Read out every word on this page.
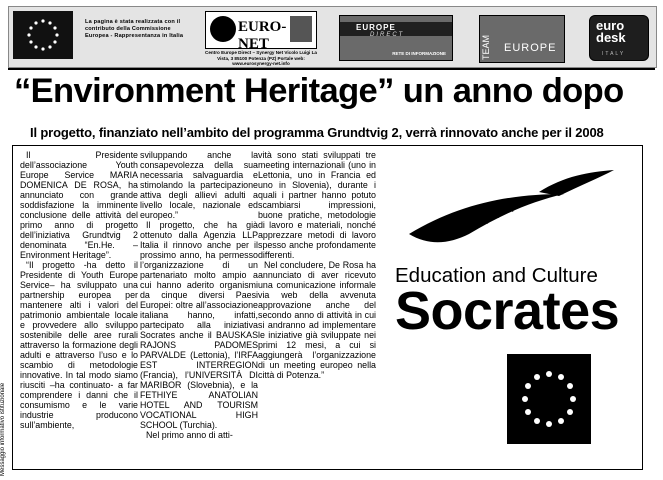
La pagina è stata realizzata con il contributo della Commissione Europea - Rappresentanza in Italia
EURO-NET
Centro Europe Direct – Synergy Net Vicolo Luigi La Vista, 3 85100 Potenza (PZ) Portale web: www.eurosynergy-net.info
EUROPE
DIRECT
RETE DI INFORMAZIONE	TEAM EUROPE
euro desk
ITALY
“Environment Heritage” un anno dopo
Il progetto, finanziato nell’ambito del programma Grundtvig 2, verrà rinnovato anche per il 2008
Messaggio informativo istituzionale

Il Presidente dell’associazione Youth Europe Service MARIA DOMENICA DE ROSA, ha annunciato con grande soddisfazione la imminente conclusione delle attività del primo anno di progetto dell’iniziativa Grundtvig 2 denominata “En.He. – Environment Heritage”.

“Il progetto -ha detto il Presidente di Youth Europe Service– ha sviluppato una partnership europea per mantenere alti i valori del patrimonio ambientale locale e provvedere allo sviluppo sostenibile delle aree rurali attraverso la formazione degli adulti e attraverso l’uso e lo scambio di metodologie innovative. In tal modo siamo riusciti –ha continuato- a far comprendere i danni che il consumismo e le varie industrie producono sull’ambiente,

sviluppando anche la consapevolezza della sua necessaria salvaguardia e stimolando la partecipazione attiva degli allievi adulti a livello locale, nazionale ed europeo.”

Il progetto, che ha già ottenuto dalla Agenzia LLP Italia il rinnovo anche per il prossimo anno, ha permesso l’organizzazione di un partenariato molto ampio a cui hanno aderito organismi da cinque diversi Paesi Europei: oltre all’associazione italiana hanno, infatti, partecipato alla iniziativa Socrates anche il BAUSKAS RAJONS PADOMES PARVALDE (Lettonia), l’IRFA EST INTERREGION (Francia), l’UNIVERSITÀ DI MARIBOR (Slovebnia), e la FETHIYE ANATOLIAN HOTEL AND TOURISM VOCATIONAL HIGH SCHOOL (Turchia).

Nel primo anno di atti-

vità sono stati sviluppati tre meeting internazionali (uno in Lettonia, uno in Francia ed uno in Slovenia), durante i quali i partner hanno potuto scambiarsi impressioni, buone pratiche, metodologie di lavoro e materiali, nonché apprezzare metodi di lavoro spesso anche profondamente differenti.

Nel concludere, De Rosa ha annunciato di aver ricevuto una comunicazione informale via web della avvenuta approvazione anche del secondo anno di attività in cui si andranno ad implementare le iniziative già sviluppate nei primi 12 mesi, a cui si aggiungerà l’organizzazione di un meeting europeo nella città di Potenza.”

Education and Culture
Socrates
